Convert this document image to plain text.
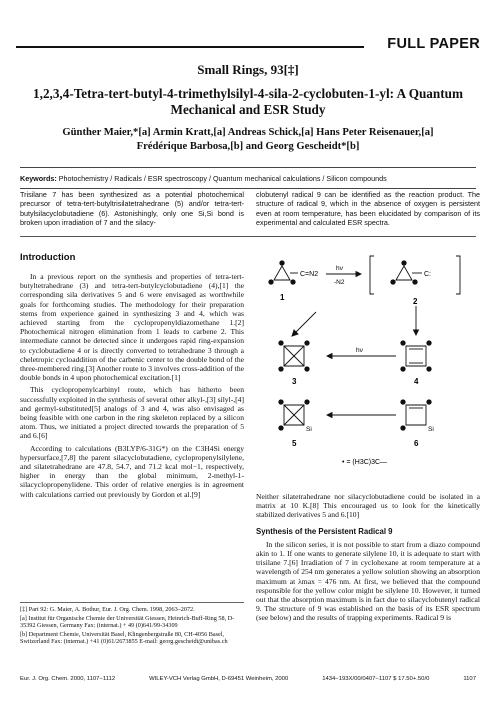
FULL PAPER
Small Rings, 93[‡]
1,2,3,4-Tetra-tert-butyl-4-trimethylsilyl-4-sila-2-cyclobuten-1-yl: A Quantum Mechanical and ESR Study
Günther Maier,*[a] Armin Kratt,[a] Andreas Schick,[a] Hans Peter Reisenauer,[a]
Frédérique Barbosa,[b] and Georg Gescheidt*[b]
Keywords: Photochemistry / Radicals / ESR spectroscopy / Quantum mechanical calculations / Silicon compounds
Trisilane 7 has been synthesized as a potential photochemical precursor of tetra-tert-butyltrisilatetrahedrane (5) and/or tetra-tert-butylsilacyclobutadiene (6). Astonishingly, only one Si,Si bond is broken upon irradiation of 7 and the silacy-
clobutenyl radical 9 can be identified as the reaction product. The structure of radical 9, which in the absence of oxygen is persistent even at room temperature, has been elucidated by comparison of its experimental and calculated ESR spectra.
Introduction

In a previous report on the synthesis and properties of tetra-tert-butyltetrahedrane (3) and tetra-tert-butylcyclobutadiene (4),[1] the corresponding sila derivatives 5 and 6 were envisaged as worthwhile goals for forthcoming studies. The methodology for their preparation stems from experience gained in synthesizing 3 and 4, which was achieved starting from the cyclopropenyldiazomethane 1.[2] Photochemical nitrogen elimination from 1 leads to carbene 2. This intermediate cannot be detected since it undergoes rapid ring-expansion to cyclobutadiene 4 or is directly converted to tetrahedrane 3 through a cheletropic cycloaddition of the carbenic center to the double bond of the three-membered ring.[3] Another route to 3 involves cross-addition of the double bonds in 4 upon photochemical excitation.[1]

This cyclopropenylcarbinyl route, which has hitherto been successfully exploited in the synthesis of several other alkyl-,[3] silyl-,[4] and germyl-substituted[5] analogs of 3 and 4, was also envisaged as being feasible with one carbon in the ring skeleton replaced by a silicon atom. Thus, we initiated a project directed towards the preparation of 5 and 6.[6]

According to calculations (B3LYP/6-31G*) on the C3H4Si energy hypersurface,[7,8] the parent silacyclobutadiene, cyclopropenylsilylene, and silatetrahedrane are 47.8, 54.7, and 71.2 kcal mol−1, respectively, higher in energy than the global minimum, 2-methyl-1-silacyclopropenylidene. This order of relative energies is in agreement with calculations carried out previously by Gordon et al.[9]

C=N2	C:
hν
-N2
hν
1	2
3	4
Si	Si
5	6
• = (H3C)3C—

Neither silatetrahedrane nor silacyclobutadiene could be isolated in a matrix at 10 K.[8] This encouraged us to look for the kinetically stabilized derivatives 5 and 6.[10]

Synthesis of the Persistent Radical 9

In the silicon series, it is not possible to start from a diazo compound akin to 1. If one wants to generate silylene 10, it is adequate to start with trisilane 7.[6] Irradiation of 7 in cyclohexane at room temperature at a wavelength of 254 nm generates a yellow solution showing an absorption maximum at λmax = 476 nm. At first, we believed that the compound responsible for the yellow color might be silylene 10. However, it turned out that the absorption maximum is in fact due to silacyclobutenyl radical 9. The structure of 9 was established on the basis of its ESR spectrum (see below) and the results of trapping experiments. Radical 9 is

[‡] Part 92: G. Maier, A. Bothur, Eur. J. Org. Chem. 1998, 2063–2072.
[a] Institut für Organische Chemie der Universität Giessen, Heinrich-Buff-Ring 58, D-35392 Giessen, Germany Fax: (internat.) + 49 (0)641/99-34309
[b] Department Chemie, Universität Basel, Klingenbergstraße 80, CH-4056 Basel, Switzerland Fax: (internat.) +41 (0)61/2673855 E-mail: georg.gescheidt@unibas.ch
Eur. J. Org. Chem. 2000, 1107−1112	WILEY-VCH Verlag GmbH, D-69451 Weinheim, 2000	1434−193X/00/0407−1107 $ 17.50+.50/0	1107
